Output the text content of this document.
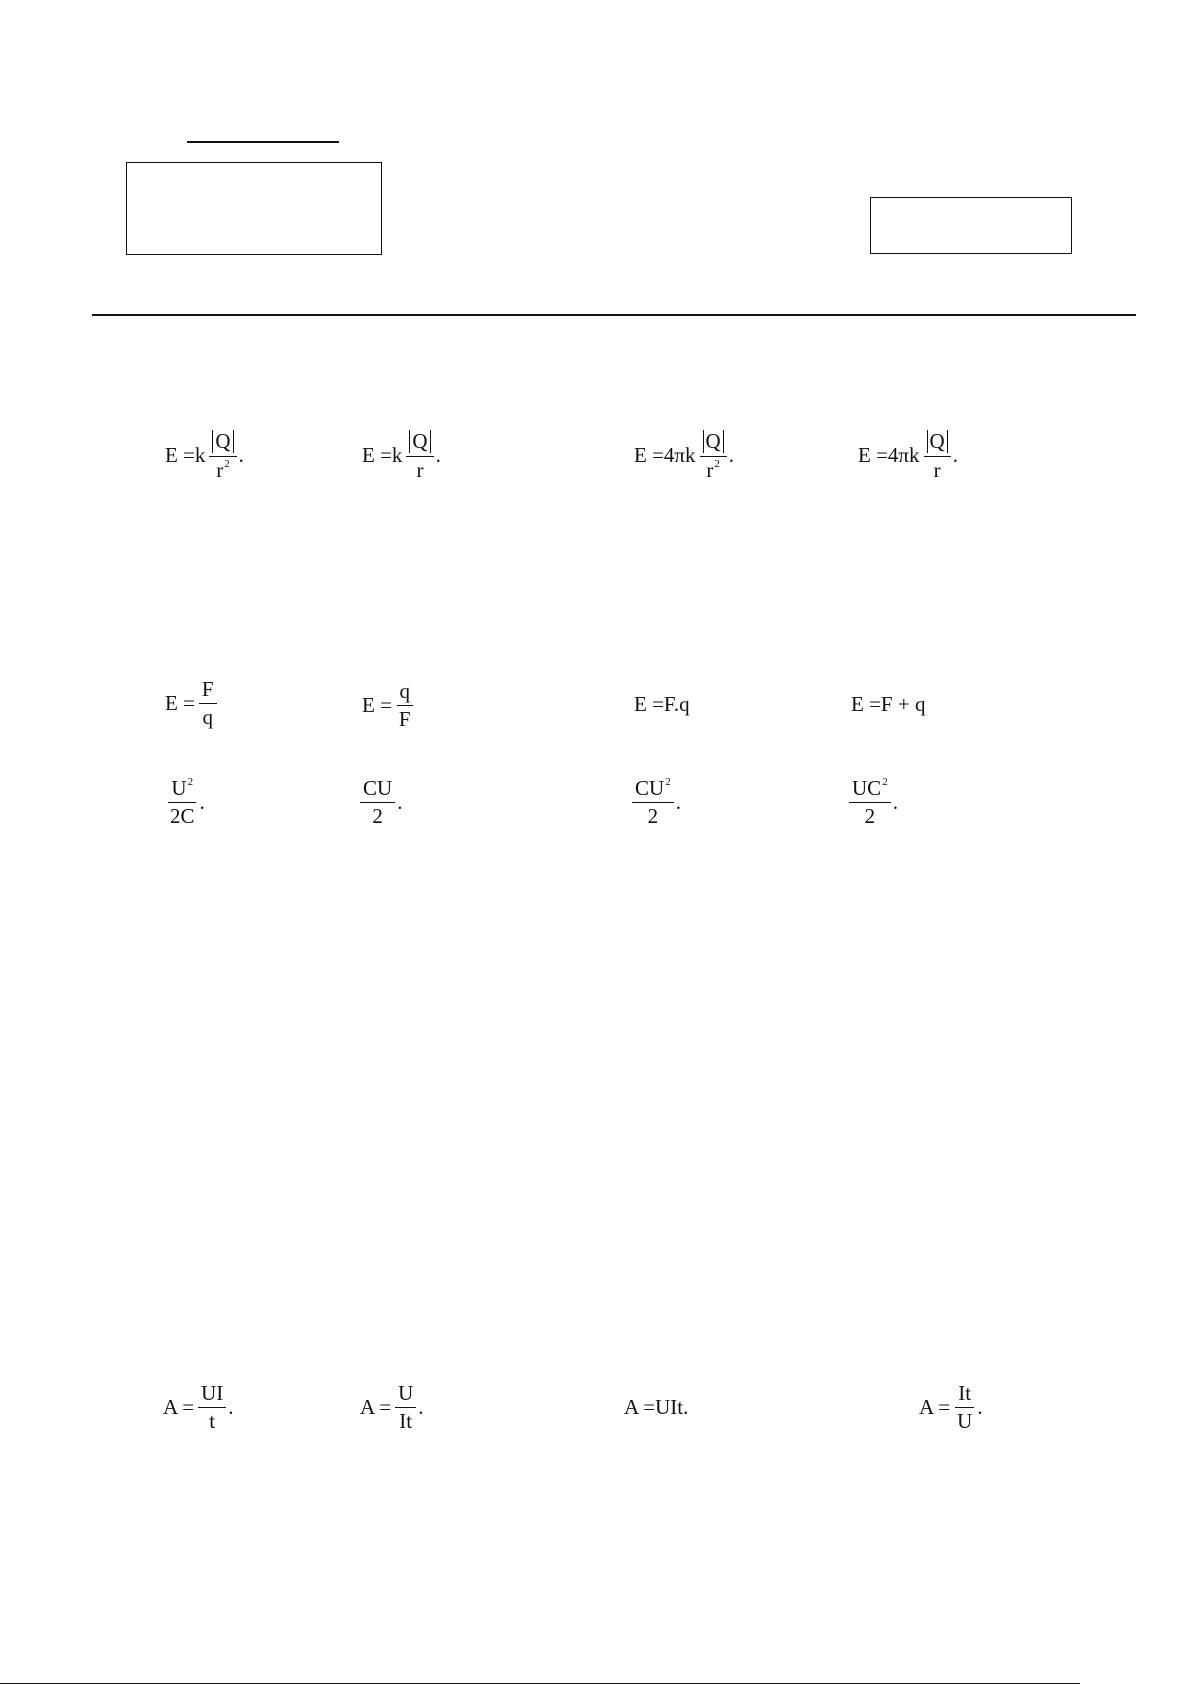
$E =k \frac{Q}{r^2}$ .	$E =k \frac{Q}{r}$ .	$E =4\pi k \frac{Q}{r^2}$ .	$E =4\pi k \frac{Q}{r}$ .
$E = \frac{F}{q}$	$E = \frac{q}{F}$	E =F.q	E =F + q
$\frac{U^2}{2C}$ .	$\frac{CU}{2}$ .	$\frac{CU^2}{2}$ .	$\frac{UC^2}{2}$ .
$A = \frac{UI}{t}$ .	$A = \frac{U}{It}$ .	A =UIt.	$A = \frac{It}{U}$ .
